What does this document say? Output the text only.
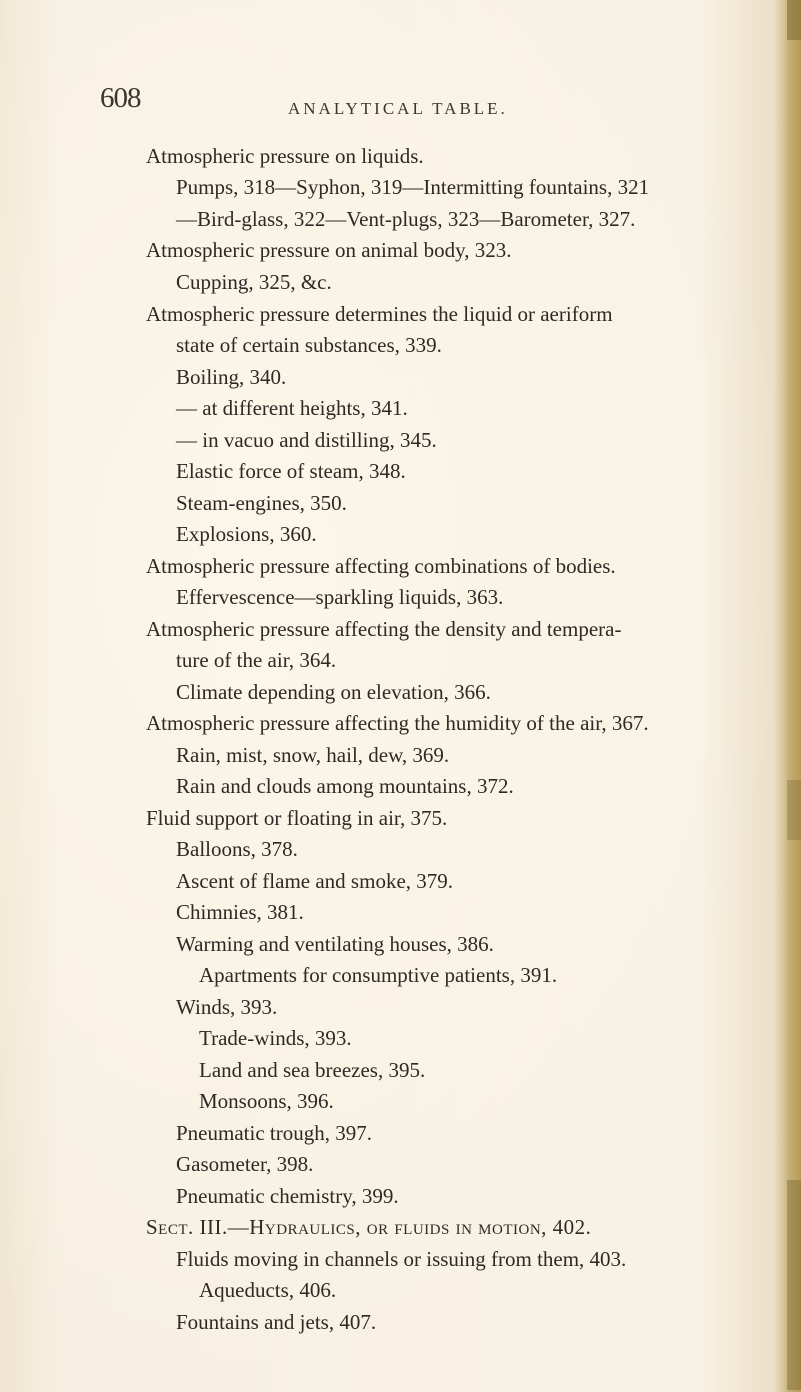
608	ANALYTICAL TABLE.
Atmospheric pressure on liquids.
Pumps, 318—Syphon, 319—Intermitting fountains, 321
—Bird-glass, 322—Vent-plugs, 323—Barometer, 327.
Atmospheric pressure on animal body, 323.
Cupping, 325, &c.
Atmospheric pressure determines the liquid or aeriform
state of certain substances, 339.
Boiling, 340.
— at different heights, 341.
— in vacuo and distilling, 345.
Elastic force of steam, 348.
Steam-engines, 350.
Explosions, 360.
Atmospheric pressure affecting combinations of bodies.
Effervescence—sparkling liquids, 363.
Atmospheric pressure affecting the density and tempera-
ture of the air, 364.
Climate depending on elevation, 366.
Atmospheric pressure affecting the humidity of the air, 367.
Rain, mist, snow, hail, dew, 369.
Rain and clouds among mountains, 372.
Fluid support or floating in air, 375.
Balloons, 378.
Ascent of flame and smoke, 379.
Chimnies, 381.
Warming and ventilating houses, 386.
Apartments for consumptive patients, 391.
Winds, 393.
Trade-winds, 393.
Land and sea breezes, 395.
Monsoons, 396.
Pneumatic trough, 397.
Gasometer, 398.
Pneumatic chemistry, 399.
Sect. III.—Hydraulics, or fluids in motion, 402.
Fluids moving in channels or issuing from them, 403.
Aqueducts, 406.
Fountains and jets, 407.
